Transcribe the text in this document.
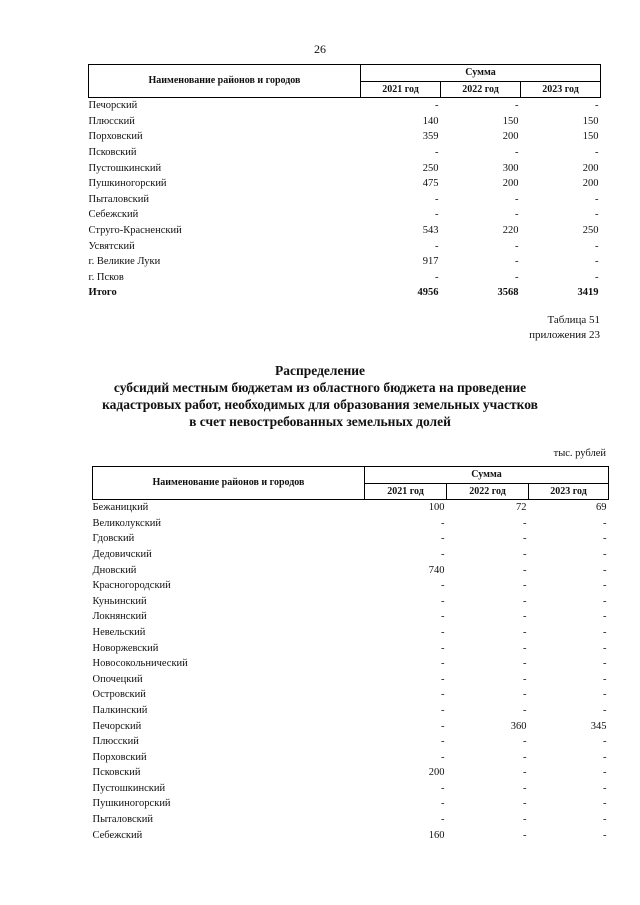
26
Наименование районов и городов	Сумма		
	2021 год	2022 год	2023 год
Печорский	-	-	-
Плюсский	140	150	150
Порховский	359	200	150
Псковский	-	-	-
Пустошкинский	250	300	200
Пушкиногорский	475	200	200
Пыталовский	-	-	-
Себежский	-	-	-
Струго-Красненский	543	220	250
Усвятский	-	-	-
г. Великие Луки	917	-	-
г. Псков	-	-	-
Итого	4956	3568	3419
Таблица 51
приложения 23
Распределение
субсидий местным бюджетам из областного бюджета на проведение
кадастровых работ, необходимых для образования земельных участков
в счет невостребованных земельных долей
тыс. рублей
Наименование районов и городов	Сумма		
	2021 год	2022 год	2023 год
Бежаницкий	100	72	69
Великолукский	-	-	-
Гдовский	-	-	-
Дедовичский	-	-	-
Дновский	740	-	-
Красногородский	-	-	-
Куньинский	-	-	-
Локнянский	-	-	-
Невельский	-	-	-
Новоржевский	-	-	-
Новосокольнический	-	-	-
Опочецкий	-	-	-
Островский	-	-	-
Палкинский	-	-	-
Печорский	-	360	345
Плюсский	-	-	-
Порховский	-	-	-
Псковский	200	-	-
Пустошкинский	-	-	-
Пушкиногорский	-	-	-
Пыталовский	-	-	-
Себежский	160	-	-
